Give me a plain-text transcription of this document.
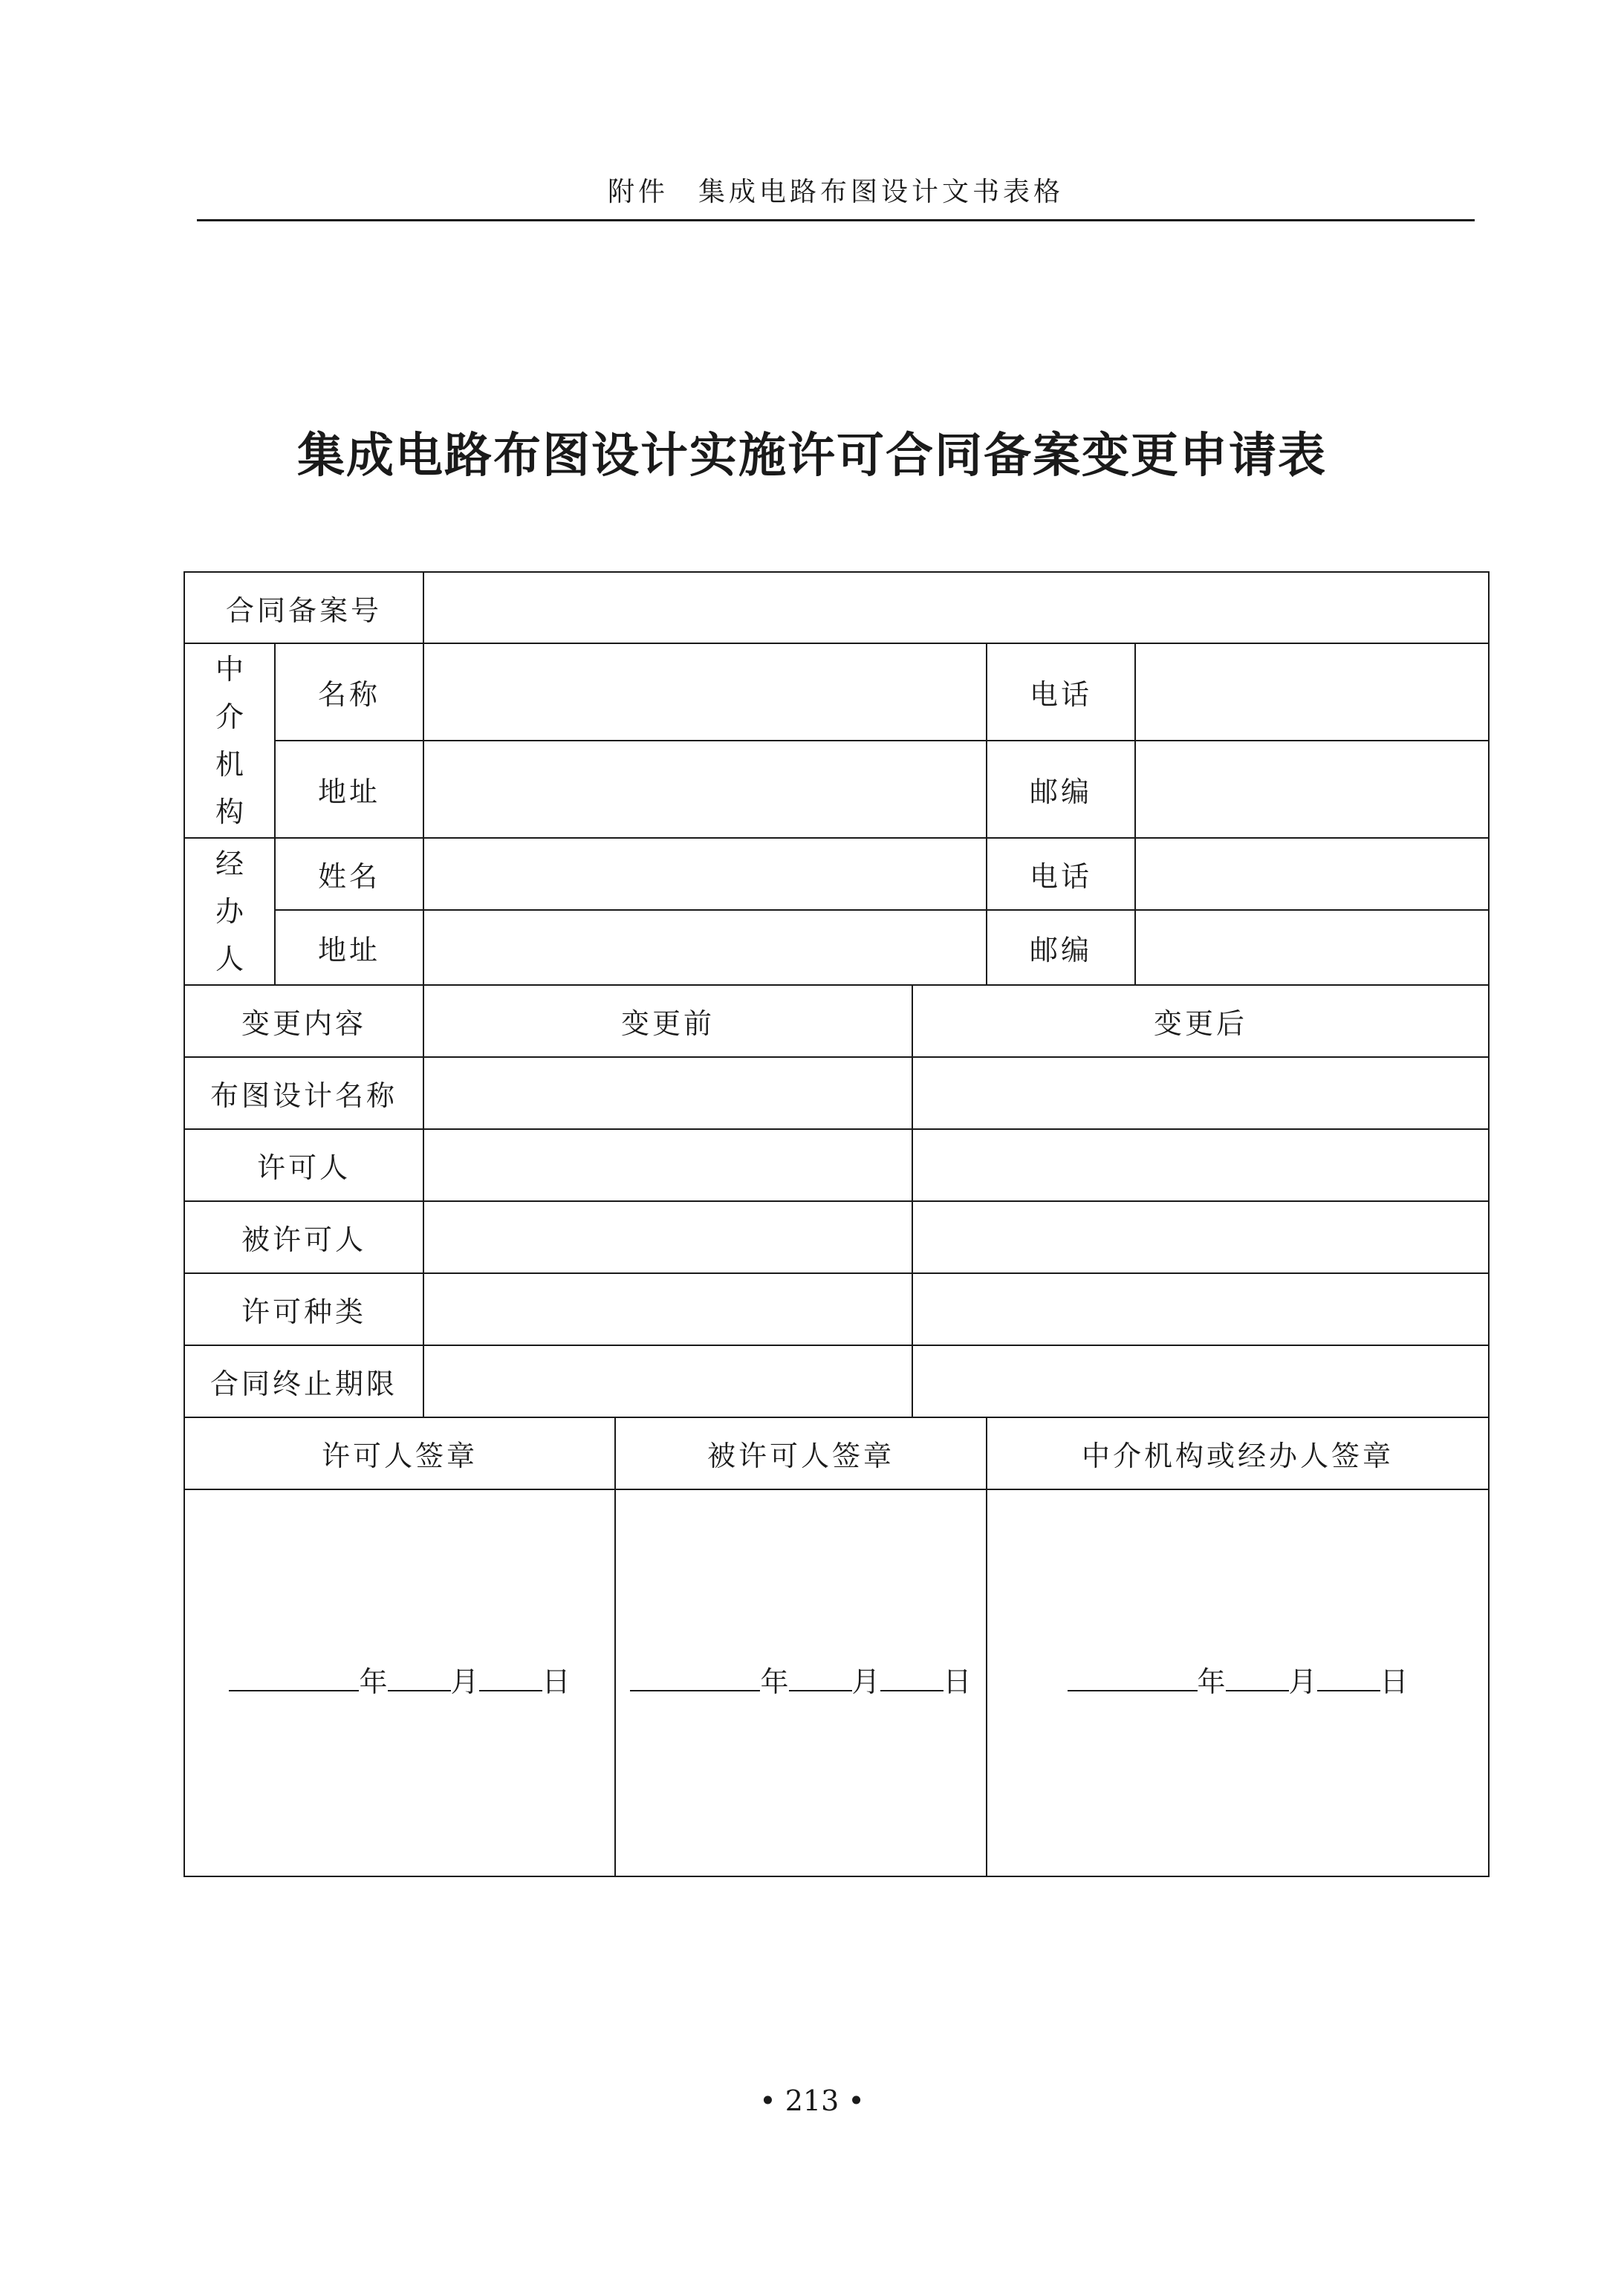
附件 集成电路布图设计文书表格
集成电路布图设计实施许可合同备案变更申请表
合同备案号						

中
介
机
构	名称				电话	
	地址				邮编	

经
办
人	姓名				电话	
	地址				邮编	
变更内容		变更前		变更后		
布图设计名称						
许可人						
被许可人						
许可种类						
合同终止期限						
许可人签章			被许可人签章		中介机构或经办人签章	

年 月 日			年 月 日		年 月 日	
• 213 •
